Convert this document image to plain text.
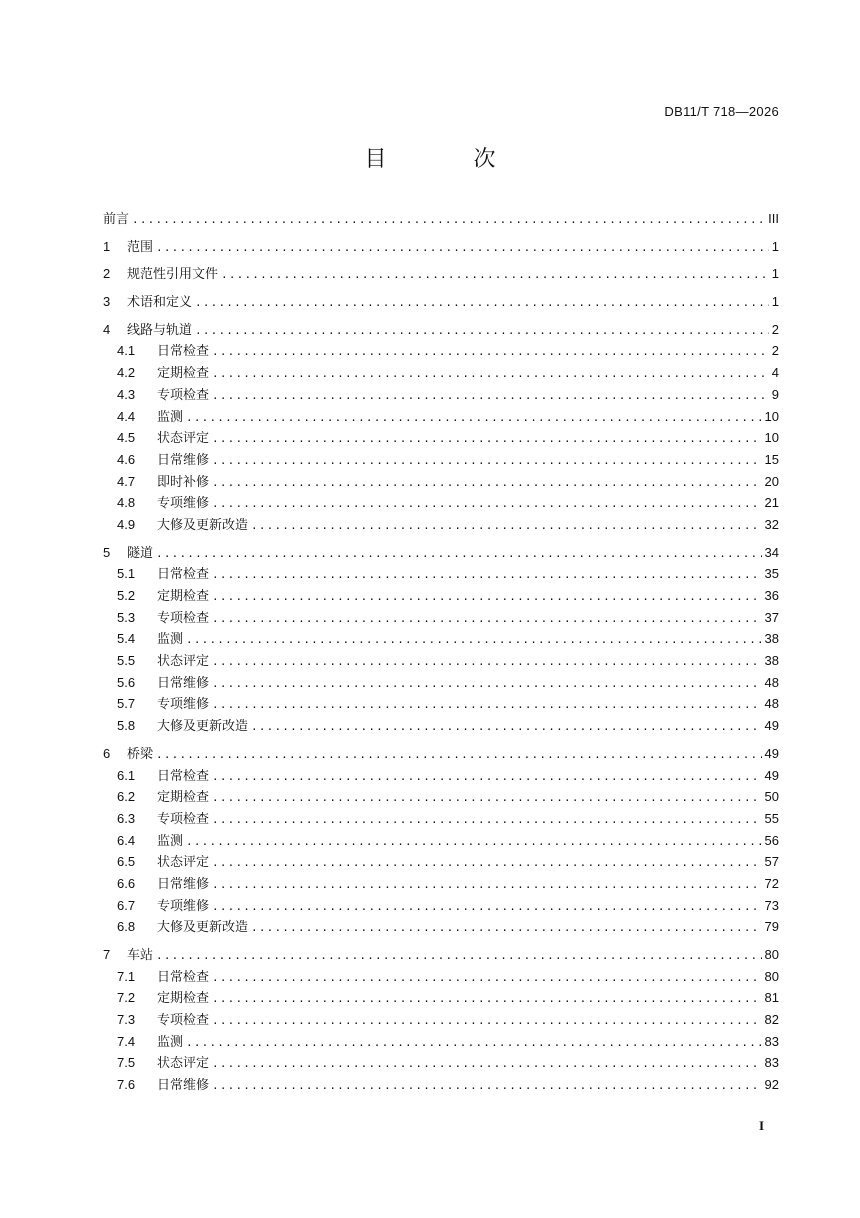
DB11/T 718—2026
目 次
前言 .....	III
1	范围 .....	1
2	规范性引用文件 .....	1
3	术语和定义 .....	1
4	线路与轨道 .....	2
4.1	日常检查 .....	2
4.2	定期检查 .....	4
4.3	专项检查 .....	9
4.4	监测 .....	10
4.5	状态评定 .....	10
4.6	日常维修 .....	15
4.7	即时补修 .....	20
4.8	专项维修 .....	21
4.9	大修及更新改造 .....	32
5	隧道 .....	34
5.1	日常检查 .....	35
5.2	定期检查 .....	36
5.3	专项检查 .....	37
5.4	监测 .....	38
5.5	状态评定 .....	38
5.6	日常维修 .....	48
5.7	专项维修 .....	48
5.8	大修及更新改造 .....	49
6	桥梁 .....	49
6.1	日常检查 .....	49
6.2	定期检查 .....	50
6.3	专项检查 .....	55
6.4	监测 .....	56
6.5	状态评定 .....	57
6.6	日常维修 .....	72
6.7	专项维修 .....	73
6.8	大修及更新改造 .....	79
7	车站 .....	80
7.1	日常检查 .....	80
7.2	定期检查 .....	81
7.3	专项检查 .....	82
7.4	监测 .....	83
7.5	状态评定 .....	83
7.6	日常维修 .....	92
I
